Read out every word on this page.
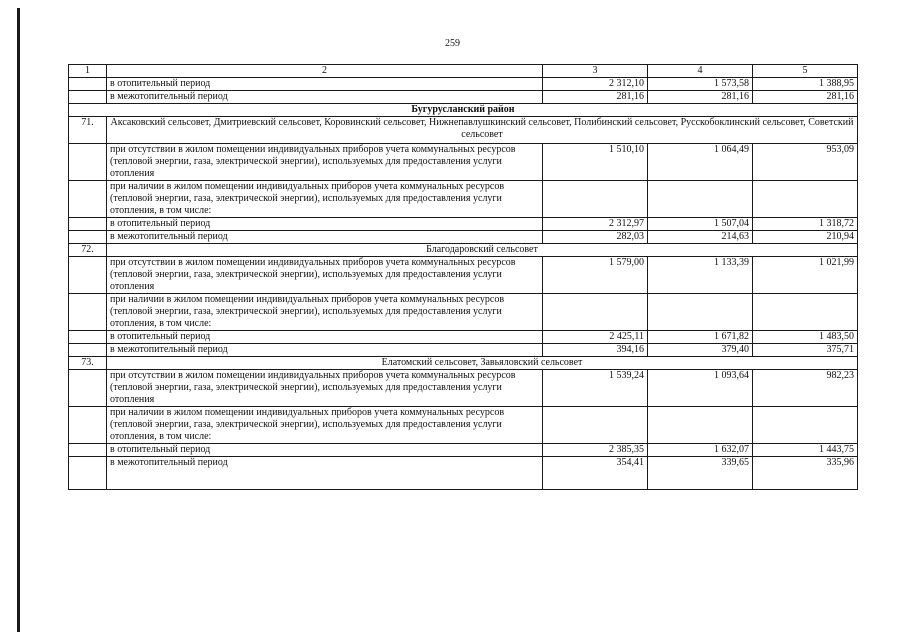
259
1	2	3	4	5
	в отопительный период	2 312,10	1 573,58	1 388,95
	в межотопительный период	281,16	281,16	281,16
Бугурусланский район				
71.	Аксаковский сельсовет, Дмитриевский сельсовет, Коровинский сельсовет, Нижнепавлушкинский сельсовет, Полибинский сельсовет, Русскобоклинский сельсовет, Советский сельсовет			
	при отсутствии в жилом помещении индивидуальных приборов учета коммунальных ресурсов (тепловой энергии, газа, электрической энергии), используемых для предоставления услуги отопления	1 510,10	1 064,49	953,09
	при наличии в жилом помещении индивидуальных приборов учета коммунальных ресурсов (тепловой энергии, газа, электрической энергии), используемых для предоставления услуги отопления, в том числе:			
	в отопительный период	2 312,97	1 507,04	1 318,72
	в межотопительный период	282,03	214,63	210,94
72.	Благодаровский сельсовет			
	при отсутствии в жилом помещении индивидуальных приборов учета коммунальных ресурсов (тепловой энергии, газа, электрической энергии), используемых для предоставления услуги отопления	1 579,00	1 133,39	1 021,99
	при наличии в жилом помещении индивидуальных приборов учета коммунальных ресурсов (тепловой энергии, газа, электрической энергии), используемых для предоставления услуги отопления, в том числе:			
	в отопительный период	2 425,11	1 671,82	1 483,50
	в межотопительный период	394,16	379,40	375,71
73.	Елатомский сельсовет, Завьяловский сельсовет			
	при отсутствии в жилом помещении индивидуальных приборов учета коммунальных ресурсов (тепловой энергии, газа, электрической энергии), используемых для предоставления услуги отопления	1 539,24	1 093,64	982,23
	при наличии в жилом помещении индивидуальных приборов учета коммунальных ресурсов (тепловой энергии, газа, электрической энергии), используемых для предоставления услуги отопления, в том числе:			
	в отопительный период	2 385,35	1 632,07	1 443,75
	в межотопительный период	354,41	339,65	335,96
